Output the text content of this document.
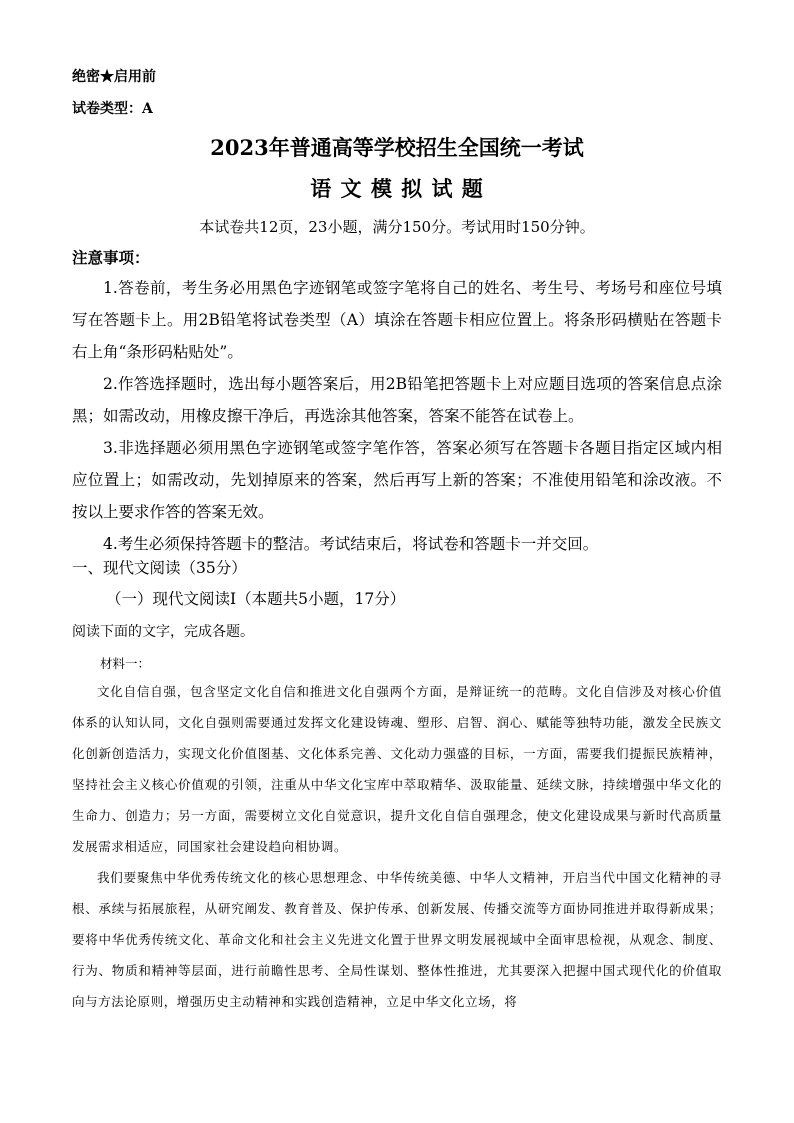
绝密★启用前
试卷类型：A
2023年普通高等学校招生全国统一考试
语 文 模 拟 试 题
本试卷共12页，23小题，满分150分。考试用时150分钟。
注意事项：
1.答卷前，考生务必用黑色字迹钢笔或签字笔将自己的姓名、考生号、考场号和座位号填写在答题卡上。用2B铅笔将试卷类型（A）填涂在答题卡相应位置上。将条形码横贴在答题卡右上角“条形码粘贴处”。
2.作答选择题时，选出每小题答案后，用2B铅笔把答题卡上对应题目选项的答案信息点涂黑；如需改动，用橡皮擦干净后，再选涂其他答案，答案不能答在试卷上。
3.非选择题必须用黑色字迹钢笔或签字笔作答，答案必须写在答题卡各题目指定区域内相应位置上；如需改动，先划掉原来的答案，然后再写上新的答案；不准使用铅笔和涂改液。不按以上要求作答的答案无效。
4.考生必须保持答题卡的整洁。考试结束后，将试卷和答题卡一并交回。
一、现代文阅读（35分）
（一）现代文阅读Ⅰ（本题共5小题，17分）
阅读下面的文字，完成各题。
材料一：
文化自信自强，包含坚定文化自信和推进文化自强两个方面，是辩证统一的范畴。文化自信涉及对核心价值体系的认知认同，文化自强则需要通过发挥文化建设铸魂、塑形、启智、润心、赋能等独特功能，激发全民族文化创新创造活力，实现文化价值图基、文化体系完善、文化动力强盛的目标，一方面，需要我们提振民族精神，坚持社会主义核心价值观的引领，注重从中华文化宝库中萃取精华、汲取能量、延续文脉，持续增强中华文化的生命力、创造力；另一方面，需要树立文化自觉意识，提升文化自信自强理念，使文化建设成果与新时代高质量发展需求相适应，同国家社会建设趋向相协调。
我们要聚焦中华优秀传统文化的核心思想理念、中华传统美德、中华人文精神，开启当代中国文化精神的寻根、承续与拓展旅程，从研究阐发、教育普及、保护传承、创新发展、传播交流等方面协同推进并取得新成果；要将中华优秀传统文化、革命文化和社会主义先进文化置于世界文明发展视域中全面审思检视，从观念、制度、行为、物质和精神等层面，进行前瞻性思考、全局性谋划、整体性推进，尤其要深入把握中国式现代化的价值取向与方法论原则，增强历史主动精神和实践创造精神，立足中华文化立场，将
